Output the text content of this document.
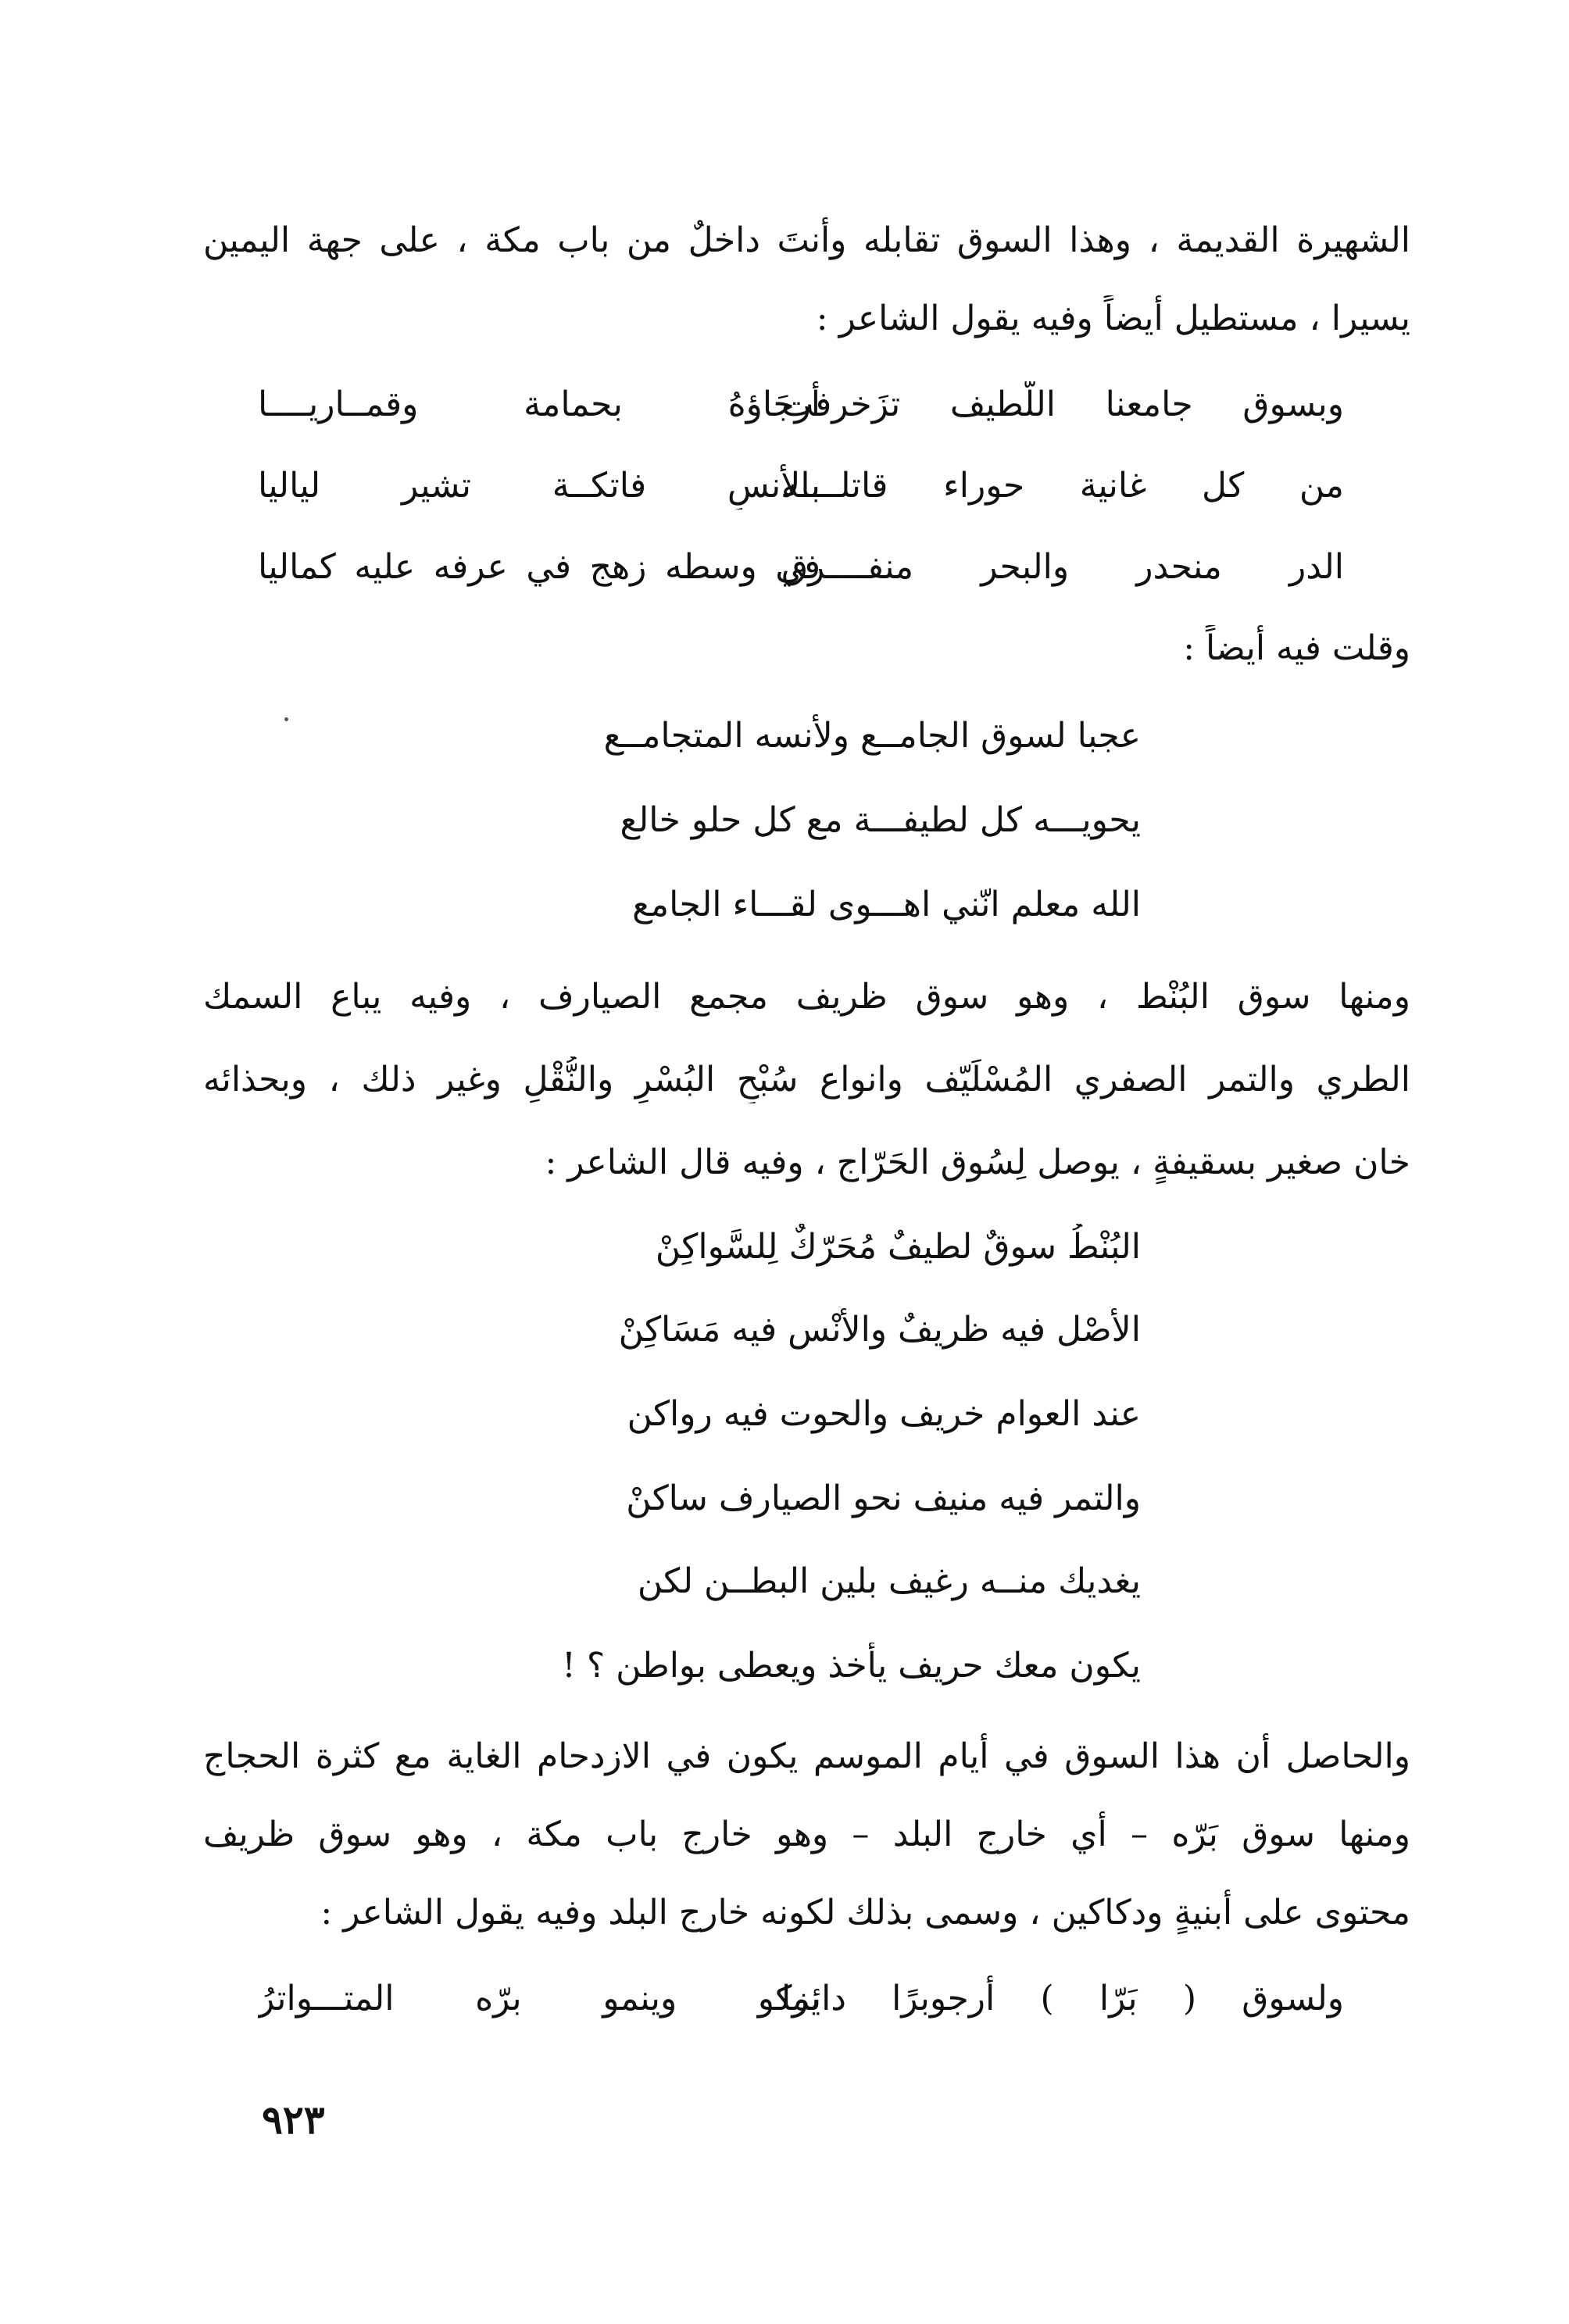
الشهيرة القديمة ، وهذا السوق تقابله وأنتَ داخلٌ من باب مكة ، على جهة اليمين
يسيرا ، مستطيل أيضاً وفيه يقول الشاعر :
وبسوق جامعنا اللّطيف تزَخرفت
أرجَاؤهُ بحمامة وقمــاريــــا
من كل غانية حوراء قاتلــــه
بالأنسِ فاتكــة تشير لياليا
الدر منحدر والبحر منفــــرق
في وسطه زهج في عرفه عليه كماليا
وقلت فيه أيضاً :
عجبا لسوق الجامــع ولأنسه المتجامــع
يحويـــه كل لطيفـــة مع كل حلو خالع
الله معلم انّني اهـــوى لقـــاء الجامع
ومنها سوق البُنْط ، وهو سوق ظريف مجمع الصيارف ، وفيه يباع السمك
الطري والتمر الصفري المُسْلَيّف وانواع سُبْحِ البُسْرِ والنُّقْلِ وغير ذلك ، وبحذائه
خان صغير بسقيفةٍ ، يوصل لِسُوق الحَرّاج ، وفيه قال الشاعر :
البُنْطُ سوقٌ لطيفٌ مُحَرّكٌ لِلسَّواكِنْ
الأَصْل فيه ظريفٌ والأُنْس فيه مَسَاكِنْ
عند العوام خريف والحوت فيه رواكن
والتمر فيه منيف نحو الصيارف ساكنْ
يغديك منــه رغيف بلين البطــن لكن
يكون معك حريف يأخذ ويعطى بواطن ؟ !
والحاصل أن هذا السوق في أيام الموسم يكون في الازدحام الغاية مع كثرة الحجاج
ومنها سوق بَرّه – أي خارج البلد – وهو خارج باب مكة ، وهو سوق ظريف
محتوى على أبنيةٍ ودكاكين ، وسمى بذلك لكونه خارج البلد وفيه يقول الشاعر :
ولسوق ( بَرّا ) أرجوبرًا دائما
يزكو وينمو برّه المتـــواترُ
٩٢٣
